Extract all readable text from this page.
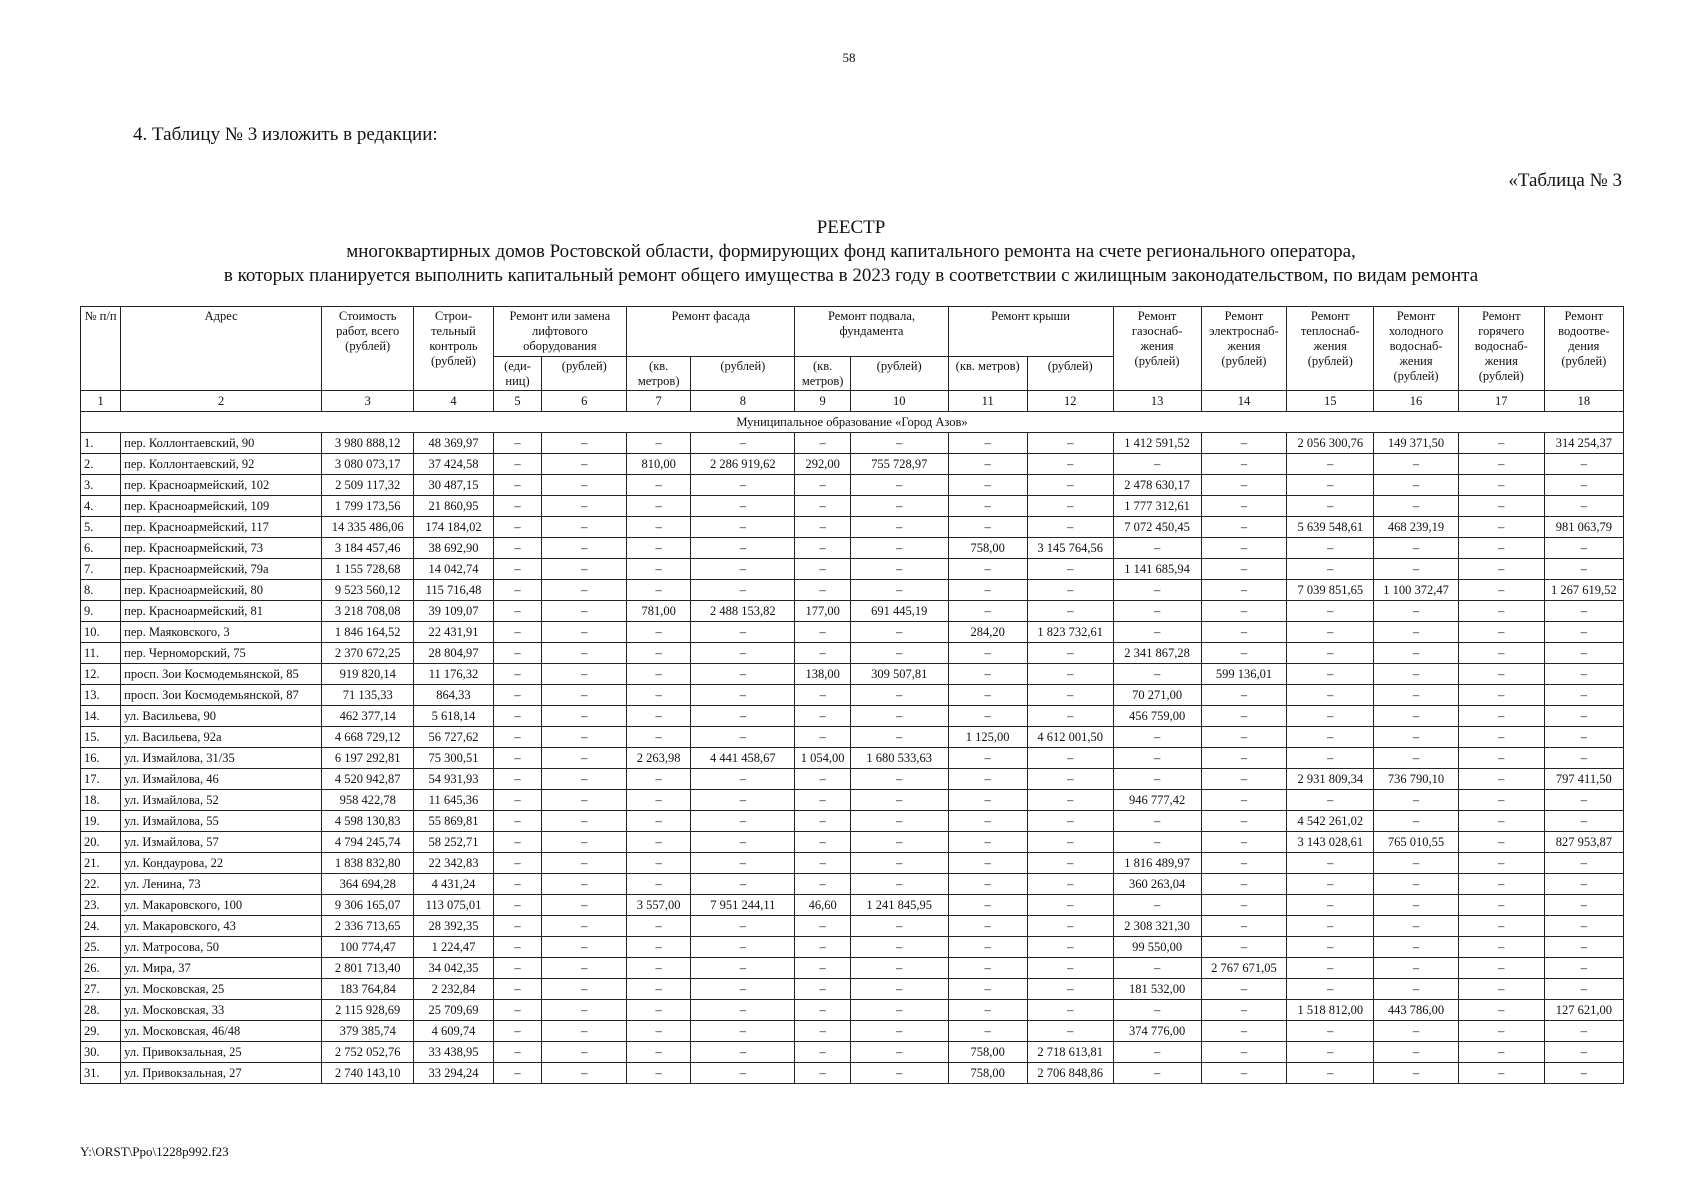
58
4. Таблицу № 3 изложить в редакции:
«Таблица № 3
РЕЕСТР
многоквартирных домов Ростовской области, формирующих фонд капитального ремонта на счете регионального оператора,
в которых планируется выполнить капитальный ремонт общего имущества в 2023 году в соответствии с жилищным законодательством, по видам ремонта
№ п/п	Адрес	Стоимость работ, всего (рублей)	Строи-тельный контроль (рублей)	Ремонт или замена лифтового оборудования		Ремонт фасада		Ремонт подвала, фундамента		Ремонт крыши		Ремонт газоснаб-жения (рублей)	Ремонт электроснаб-жения (рублей)	Ремонт теплоснаб-жения (рублей)	Ремонт холодного водоснаб-жения (рублей)	Ремонт горячего водоснаб-жения (рублей)	Ремонт водоотве-дения (рублей)
				(еди-ниц)	(рублей)	(кв. метров)	(рублей)	(кв. метров)	(рублей)	(кв. метров)	(рублей)						
1	2	3	4	5	6	7	8	9	10	11	12	13	14	15	16	17	18
Муниципальное образование «Город Азов»																	
1.	пер. Коллонтаевский, 90	3 980 888,12	48 369,97	–	–	–	–	–	–	–	–	1 412 591,52	–	2 056 300,76	149 371,50	–	314 254,37
2.	пер. Коллонтаевский, 92	3 080 073,17	37 424,58	–	–	810,00	2 286 919,62	292,00	755 728,97	–	–	–	–	–	–	–	–
3.	пер. Красноармейский, 102	2 509 117,32	30 487,15	–	–	–	–	–	–	–	–	2 478 630,17	–	–	–	–	–
4.	пер. Красноармейский, 109	1 799 173,56	21 860,95	–	–	–	–	–	–	–	–	1 777 312,61	–	–	–	–	–
5.	пер. Красноармейский, 117	14 335 486,06	174 184,02	–	–	–	–	–	–	–	–	7 072 450,45	–	5 639 548,61	468 239,19	–	981 063,79
6.	пер. Красноармейский, 73	3 184 457,46	38 692,90	–	–	–	–	–	–	758,00	3 145 764,56	–	–	–	–	–	–
7.	пер. Красноармейский, 79а	1 155 728,68	14 042,74	–	–	–	–	–	–	–	–	1 141 685,94	–	–	–	–	–
8.	пер. Красноармейский, 80	9 523 560,12	115 716,48	–	–	–	–	–	–	–	–	–	–	7 039 851,65	1 100 372,47	–	1 267 619,52
9.	пер. Красноармейский, 81	3 218 708,08	39 109,07	–	–	781,00	2 488 153,82	177,00	691 445,19	–	–	–	–	–	–	–	–
10.	пер. Маяковского, 3	1 846 164,52	22 431,91	–	–	–	–	–	–	284,20	1 823 732,61	–	–	–	–	–	–
11.	пер. Черноморский, 75	2 370 672,25	28 804,97	–	–	–	–	–	–	–	–	2 341 867,28	–	–	–	–	–
12.	просп. Зои Космодемьянской, 85	919 820,14	11 176,32	–	–	–	–	138,00	309 507,81	–	–	–	599 136,01	–	–	–	–
13.	просп. Зои Космодемьянской, 87	71 135,33	864,33	–	–	–	–	–	–	–	–	70 271,00	–	–	–	–	–
14.	ул. Васильева, 90	462 377,14	5 618,14	–	–	–	–	–	–	–	–	456 759,00	–	–	–	–	–
15.	ул. Васильева, 92а	4 668 729,12	56 727,62	–	–	–	–	–	–	1 125,00	4 612 001,50	–	–	–	–	–	–
16.	ул. Измайлова, 31/35	6 197 292,81	75 300,51	–	–	2 263,98	4 441 458,67	1 054,00	1 680 533,63	–	–	–	–	–	–	–	–
17.	ул. Измайлова, 46	4 520 942,87	54 931,93	–	–	–	–	–	–	–	–	–	–	2 931 809,34	736 790,10	–	797 411,50
18.	ул. Измайлова, 52	958 422,78	11 645,36	–	–	–	–	–	–	–	–	946 777,42	–	–	–	–	–
19.	ул. Измайлова, 55	4 598 130,83	55 869,81	–	–	–	–	–	–	–	–	–	–	4 542 261,02	–	–	–
20.	ул. Измайлова, 57	4 794 245,74	58 252,71	–	–	–	–	–	–	–	–	–	–	3 143 028,61	765 010,55	–	827 953,87
21.	ул. Кондаурова, 22	1 838 832,80	22 342,83	–	–	–	–	–	–	–	–	1 816 489,97	–	–	–	–	–
22.	ул. Ленина, 73	364 694,28	4 431,24	–	–	–	–	–	–	–	–	360 263,04	–	–	–	–	–
23.	ул. Макаровского, 100	9 306 165,07	113 075,01	–	–	3 557,00	7 951 244,11	46,60	1 241 845,95	–	–	–	–	–	–	–	–
24.	ул. Макаровского, 43	2 336 713,65	28 392,35	–	–	–	–	–	–	–	–	2 308 321,30	–	–	–	–	–
25.	ул. Матросова, 50	100 774,47	1 224,47	–	–	–	–	–	–	–	–	99 550,00	–	–	–	–	–
26.	ул. Мира, 37	2 801 713,40	34 042,35	–	–	–	–	–	–	–	–	–	2 767 671,05	–	–	–	–
27.	ул. Московская, 25	183 764,84	2 232,84	–	–	–	–	–	–	–	–	181 532,00	–	–	–	–	–
28.	ул. Московская, 33	2 115 928,69	25 709,69	–	–	–	–	–	–	–	–	–	–	1 518 812,00	443 786,00	–	127 621,00
29.	ул. Московская, 46/48	379 385,74	4 609,74	–	–	–	–	–	–	–	–	374 776,00	–	–	–	–	–
30.	ул. Привокзальная, 25	2 752 052,76	33 438,95	–	–	–	–	–	–	758,00	2 718 613,81	–	–	–	–	–	–
31.	ул. Привокзальная, 27	2 740 143,10	33 294,24	–	–	–	–	–	–	758,00	2 706 848,86	–	–	–	–	–	–
Y:\ORST\Ppo\1228p992.f23
